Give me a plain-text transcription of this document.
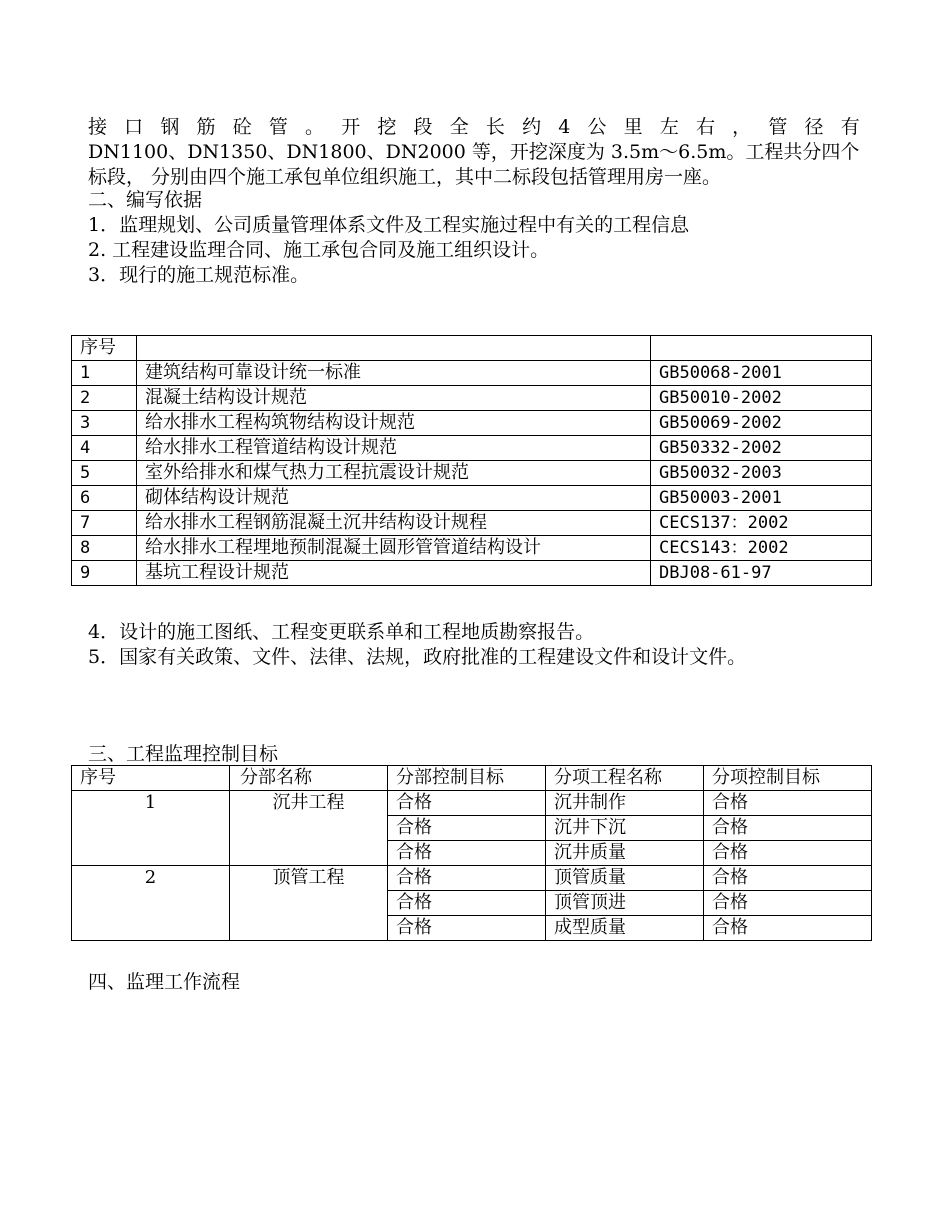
接 口 钢 筋 砼 管 。 开 挖 段 全 长 约 4 公 里 左 右 ， 管 径 有
DN1100、DN1350、DN1800、DN2000 等，开挖深度为 3.5m～6.5m。工程共分四个
标段， 分别由四个施工承包单位组织施工，其中二标段包括管理用房一座。
二、编写依据
1．监理规划、公司质量管理体系文件及工程实施过程中有关的工程信息
2. 工程建设监理合同、施工承包合同及施工组织设计。
3．现行的施工规范标准。
序号		
1	建筑结构可靠设计统一标准	GB50068-2001
2	混凝土结构设计规范	GB50010-2002
3	给水排水工程构筑物结构设计规范	GB50069-2002
4	给水排水工程管道结构设计规范	GB50332-2002
5	室外给排水和煤气热力工程抗震设计规范	GB50032-2003
6	砌体结构设计规范	GB50003-2001
7	给水排水工程钢筋混凝土沉井结构设计规程	CECS137：2002
8	给水排水工程埋地预制混凝土圆形管管道结构设计	CECS143：2002
9	基坑工程设计规范	DBJ08-61-97
4．设计的施工图纸、工程变更联系单和工程地质勘察报告。
5．国家有关政策、文件、法律、法规，政府批准的工程建设文件和设计文件。
三、工程监理控制目标
序号	分部名称	分部控制目标	分项工程名称	分项控制目标
1	沉井工程	合格	沉井制作	合格
		合格	沉井下沉	合格
		合格	沉井质量	合格
2	顶管工程	合格	顶管质量	合格
		合格	顶管顶进	合格
		合格	成型质量	合格
四、监理工作流程
